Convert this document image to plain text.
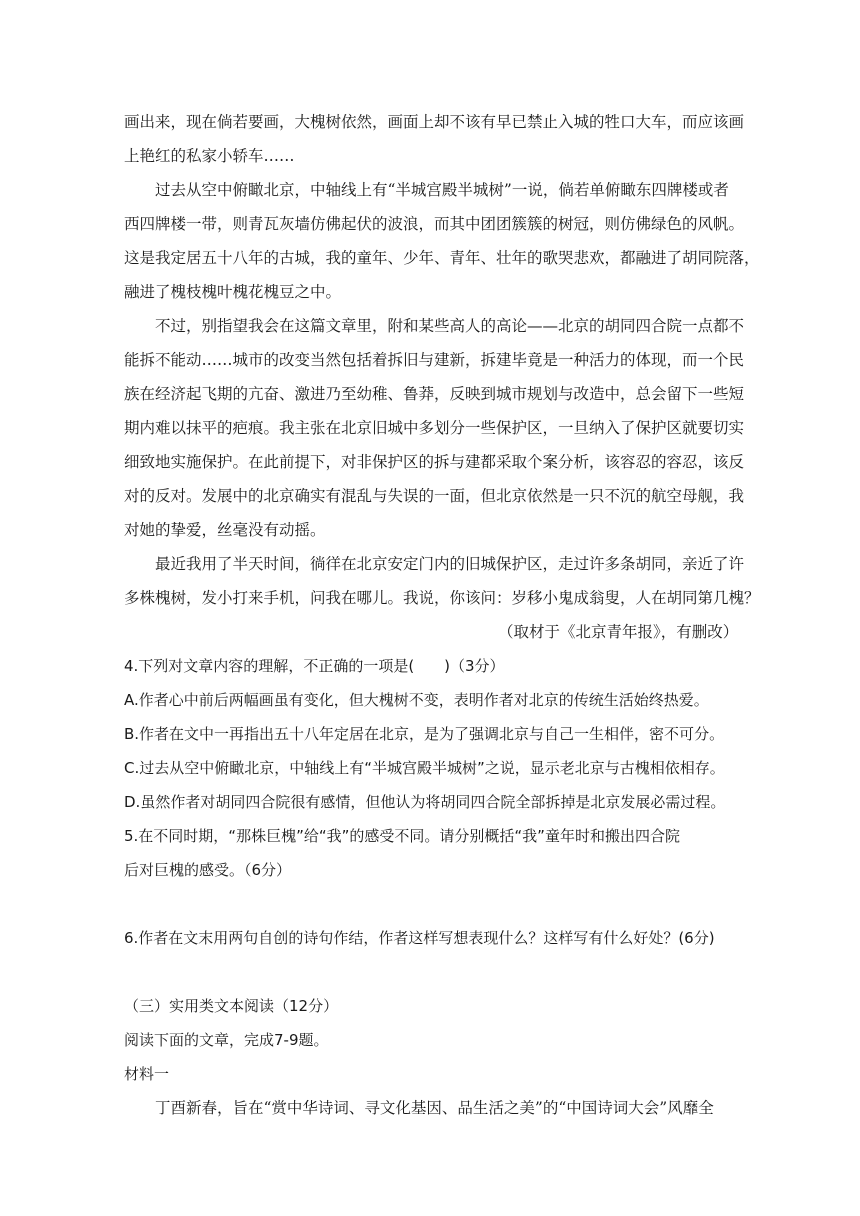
画出来，现在倘若要画，大槐树依然，画面上却不该有早已禁止入城的牲口大车，而应该画
上艳红的私家小轿车……
过去从空中俯瞰北京，中轴线上有“半城宫殿半城树”一说，倘若单俯瞰东四牌楼或者
西四牌楼一带，则青瓦灰墙仿佛起伏的波浪，而其中团团簇簇的树冠，则仿佛绿色的风帆。
这是我定居五十八年的古城，我的童年、少年、青年、壮年的歌哭悲欢，都融进了胡同院落，
融进了槐枝槐叶槐花槐豆之中。
不过，别指望我会在这篇文章里，附和某些高人的高论——北京的胡同四合院一点都不
能拆不能动……城市的改变当然包括着拆旧与建新，拆建毕竟是一种活力的体现，而一个民
族在经济起飞期的亢奋、激进乃至幼稚、鲁莽，反映到城市规划与改造中，总会留下一些短
期内难以抹平的疤痕。我主张在北京旧城中多划分一些保护区，一旦纳入了保护区就要切实
细致地实施保护。在此前提下，对非保护区的拆与建都采取个案分析，该容忍的容忍，该反
对的反对。发展中的北京确实有混乱与失误的一面，但北京依然是一只不沉的航空母舰，我
对她的挚爱，丝毫没有动摇。
最近我用了半天时间，徜徉在北京安定门内的旧城保护区，走过许多条胡同，亲近了许
多株槐树，发小打来手机，问我在哪儿。我说，你该问：岁移小鬼成翁叟，人在胡同第几槐？
（取材于《北京青年报》，有删改）
4.下列对文章内容的理解，不正确的一项是(　　)（3分）
A.作者心中前后两幅画虽有变化，但大槐树不变，表明作者对北京的传统生活始终热爱。
B.作者在文中一再指出五十八年定居在北京，是为了强调北京与自己一生相伴，密不可分。
C.过去从空中俯瞰北京，中轴线上有“半城宫殿半城树”之说，显示老北京与古槐相依相存。
D.虽然作者对胡同四合院很有感情，但他认为将胡同四合院全部拆掉是北京发展必需过程。
5.在不同时期，“那株巨槐”给“我”的感受不同。请分别概括“我”童年时和搬出四合院
后对巨槐的感受。（6分）
6.作者在文末用两句自创的诗句作结，作者这样写想表现什么？这样写有什么好处？(6分)
（三）实用类文本阅读（12分）
阅读下面的文章，完成7-9题。
材料一
丁酉新春，旨在“赏中华诗词、寻文化基因、品生活之美”的“中国诗词大会”风靡全
